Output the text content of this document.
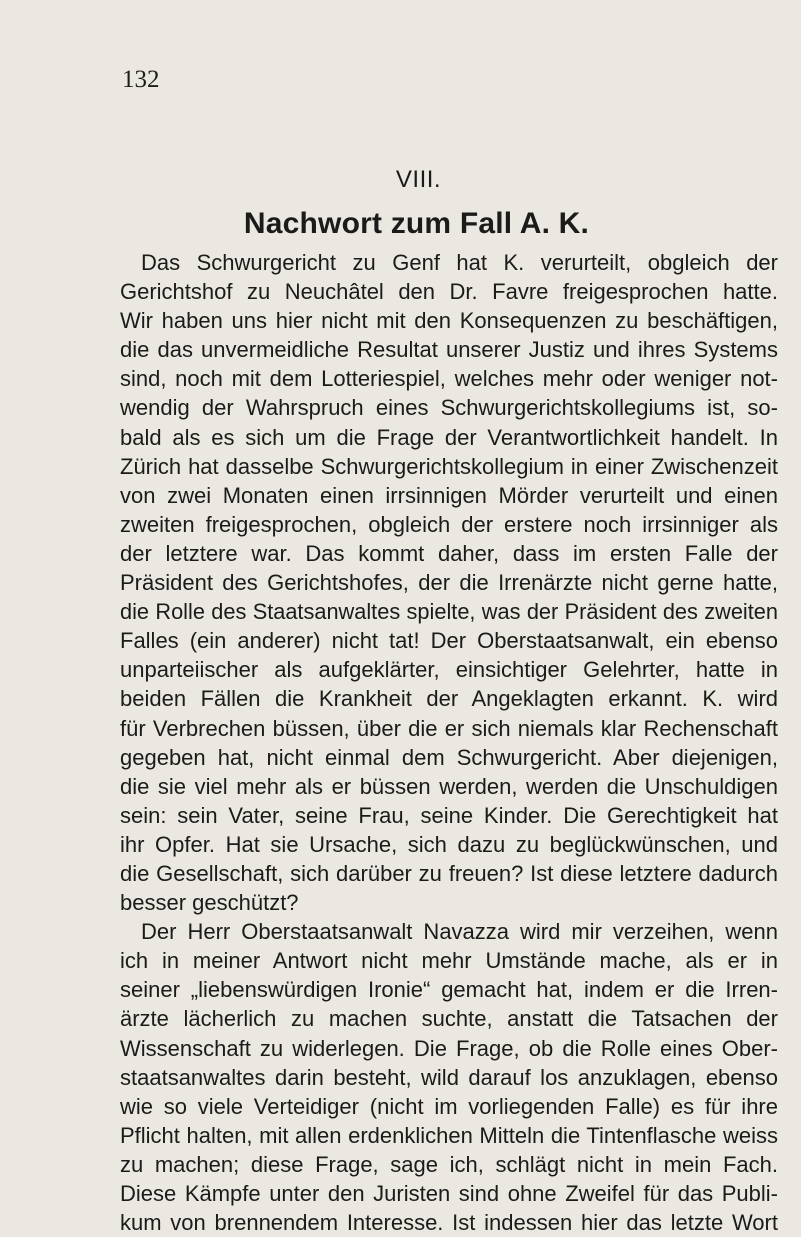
132
VIII.
Nachwort zum Fall A. K.
Das Schwurgericht zu Genf hat K. verurteilt, obgleich der
Gerichtshof zu Neuchâtel den Dr. Favre freigesprochen hatte.
Wir haben uns hier nicht mit den Konsequenzen zu beschäftigen,
die das unvermeidliche Resultat unserer Justiz und ihres Systems
sind, noch mit dem Lotteriespiel, welches mehr oder weniger not-
wendig der Wahrspruch eines Schwurgerichtskollegiums ist, so-
bald als es sich um die Frage der Verantwortlichkeit handelt. In
Zürich hat dasselbe Schwurgerichtskollegium in einer Zwischenzeit
von zwei Monaten einen irrsinnigen Mörder verurteilt und einen
zweiten freigesprochen, obgleich der erstere noch irrsinniger als
der letztere war. Das kommt daher, dass im ersten Falle der
Präsident des Gerichtshofes, der die Irrenärzte nicht gerne hatte,
die Rolle des Staatsanwaltes spielte, was der Präsident des zweiten
Falles (ein anderer) nicht tat! Der Oberstaatsanwalt, ein ebenso
unparteiischer als aufgeklärter, einsichtiger Gelehrter, hatte in
beiden Fällen die Krankheit der Angeklagten erkannt. K. wird
für Verbrechen büssen, über die er sich niemals klar Rechenschaft
gegeben hat, nicht einmal dem Schwurgericht. Aber diejenigen,
die sie viel mehr als er büssen werden, werden die Unschuldigen
sein: sein Vater, seine Frau, seine Kinder. Die Gerechtigkeit hat
ihr Opfer. Hat sie Ursache, sich dazu zu beglückwünschen, und
die Gesellschaft, sich darüber zu freuen? Ist diese letztere dadurch
besser geschützt?
Der Herr Oberstaatsanwalt Navazza wird mir verzeihen, wenn
ich in meiner Antwort nicht mehr Umstände mache, als er in
seiner „liebenswürdigen Ironie“ gemacht hat, indem er die Irren-
ärzte lächerlich zu machen suchte, anstatt die Tatsachen der
Wissenschaft zu widerlegen. Die Frage, ob die Rolle eines Ober-
staatsanwaltes darin besteht, wild darauf los anzuklagen, ebenso
wie so viele Verteidiger (nicht im vorliegenden Falle) es für ihre
Pflicht halten, mit allen erdenklichen Mitteln die Tintenflasche weiss
zu machen; diese Frage, sage ich, schlägt nicht in mein Fach.
Diese Kämpfe unter den Juristen sind ohne Zweifel für das Publi-
kum von brennendem Interesse. Ist indessen hier das letzte Wort
